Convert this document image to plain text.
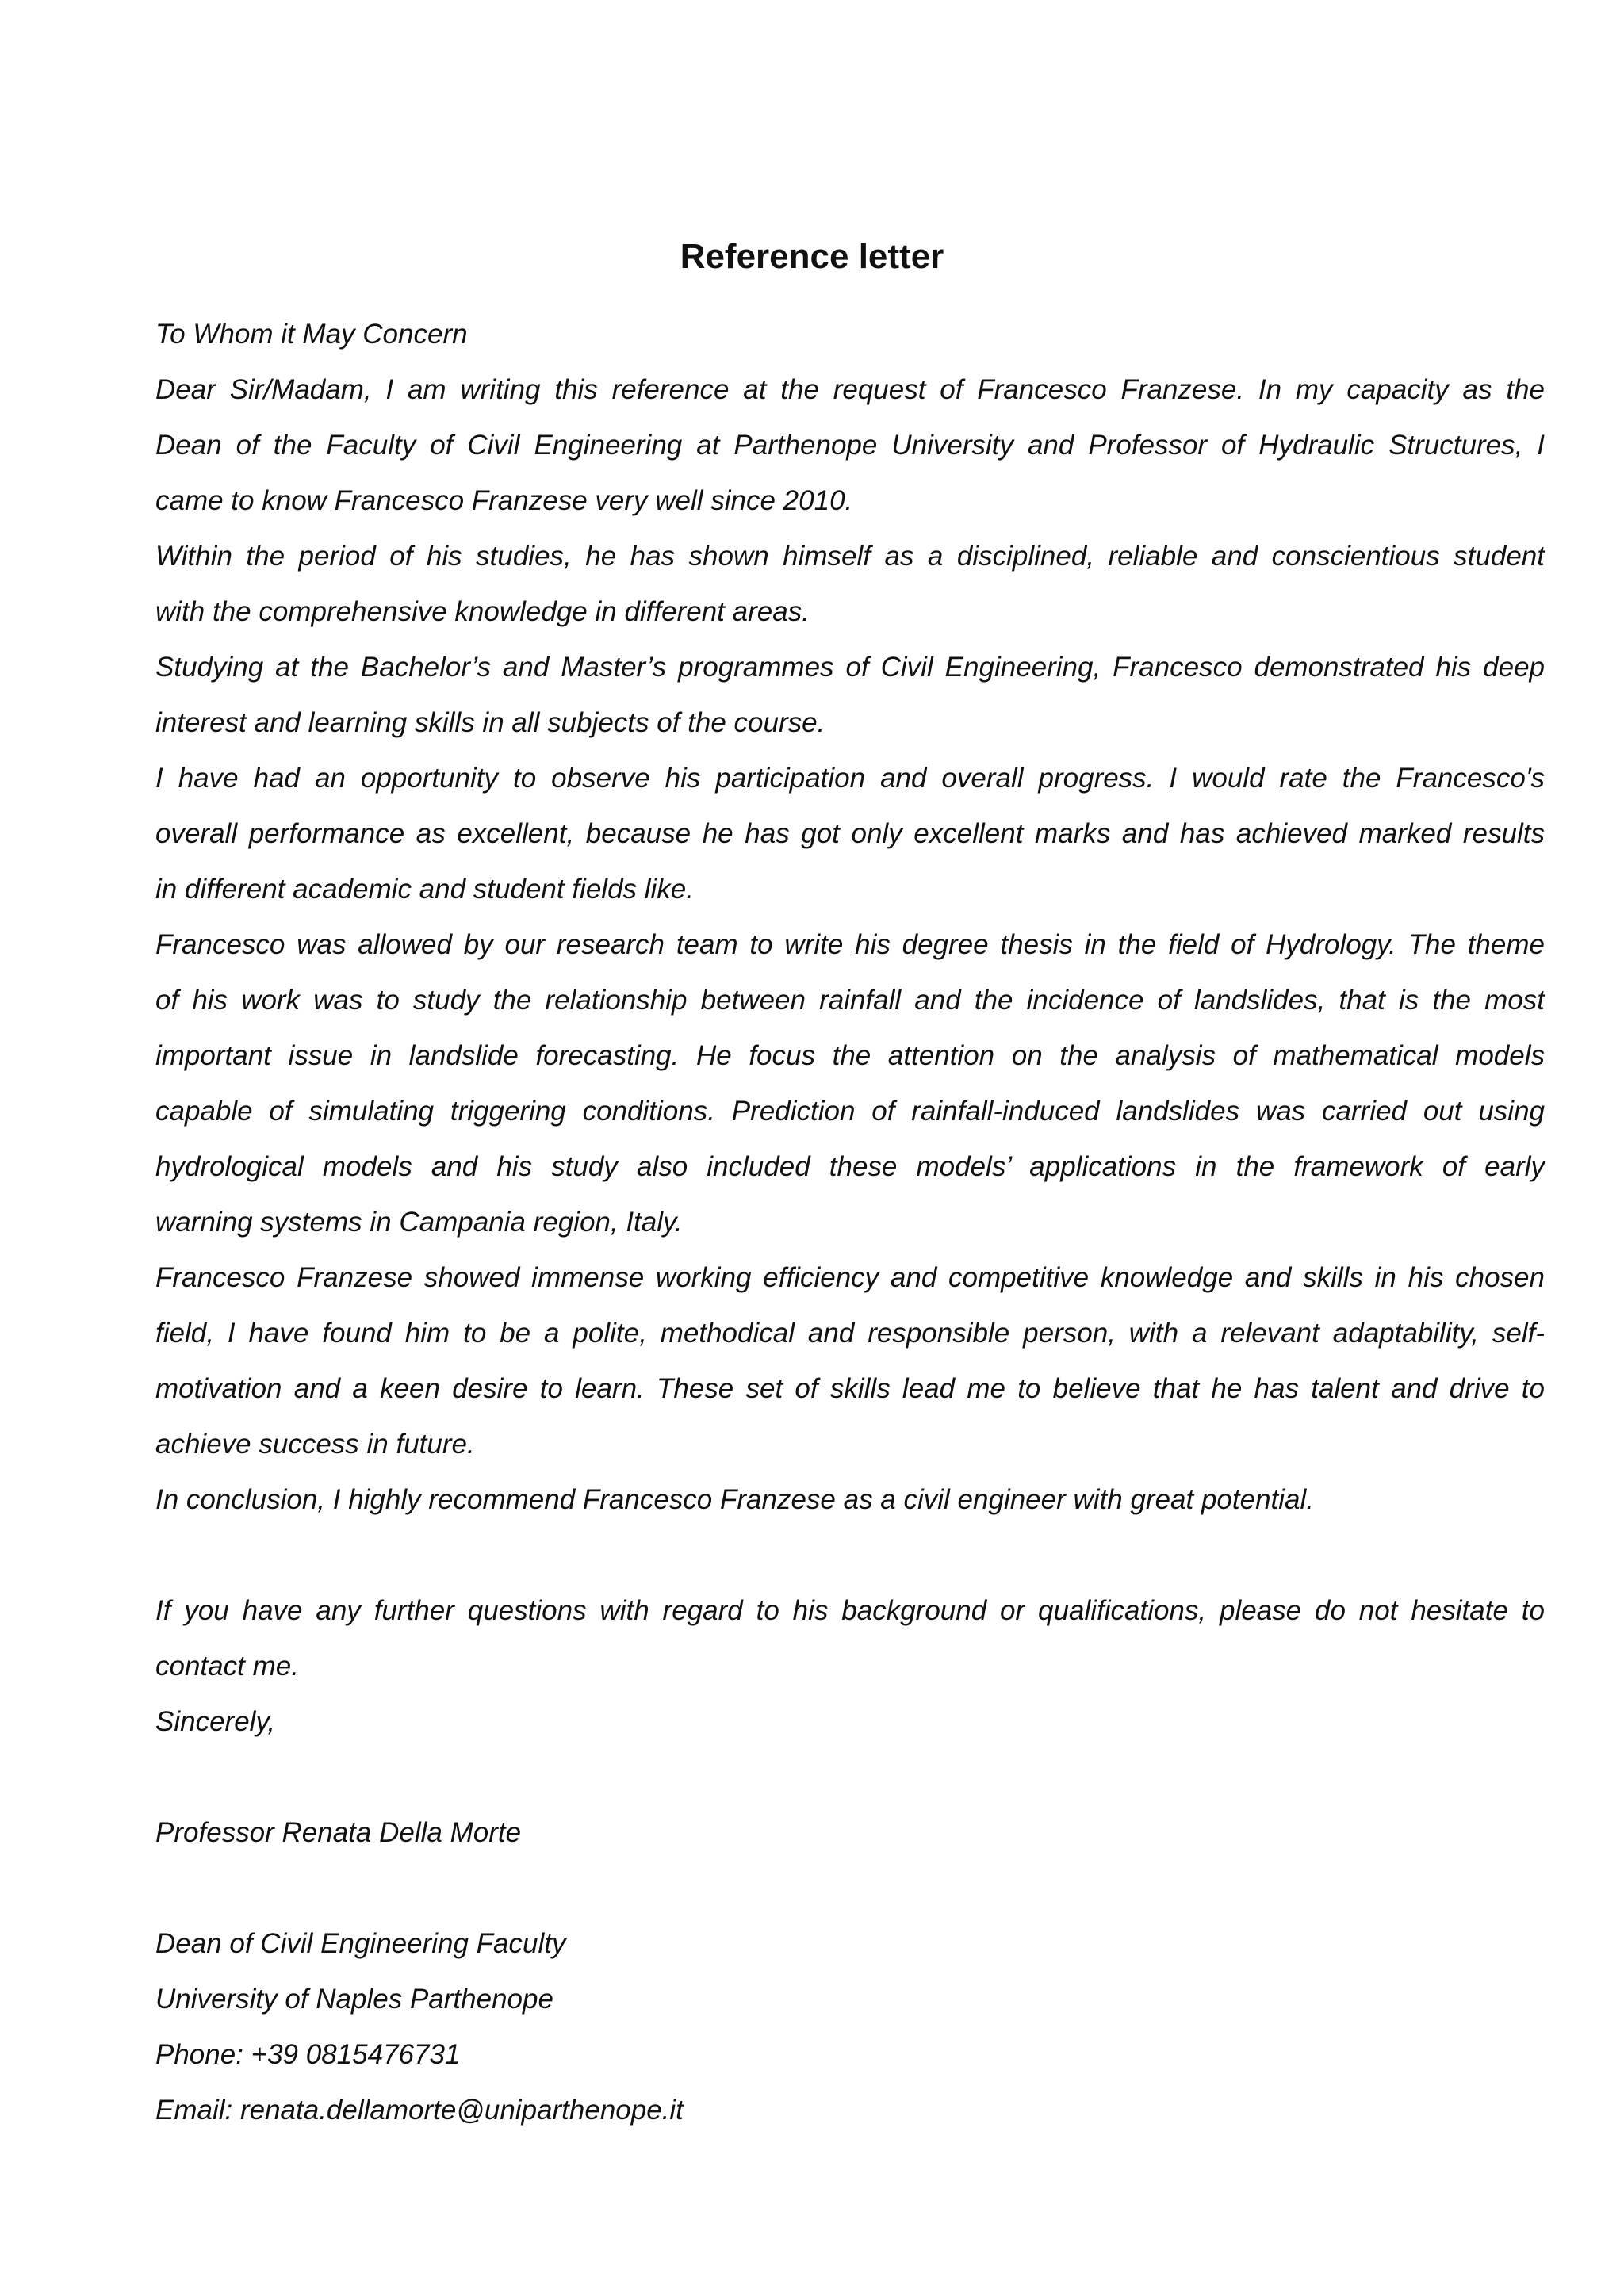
Reference letter
To Whom it May Concern
Dear Sir/Madam, I am writing this reference at the request of Francesco Franzese. In my capacity as the
Dean of the Faculty of Civil Engineering at Parthenope University and Professor of Hydraulic Structures, I
came to know Francesco Franzese very well since 2010.
Within the period of his studies, he has shown himself as a disciplined, reliable and conscientious student
with the comprehensive knowledge in different areas.
Studying at the Bachelor’s and Master’s programmes of Civil Engineering, Francesco demonstrated his deep
interest and learning skills in all subjects of the course.
I have had an opportunity to observe his participation and overall progress. I would rate the Francesco's
overall performance as excellent, because he has got only excellent marks and has achieved marked results
in different academic and student fields like.
Francesco was allowed by our research team to write his degree thesis in the field of Hydrology. The theme
of his work was to study the relationship between rainfall and the incidence of landslides, that is the most
important issue in landslide forecasting. He focus the attention on the analysis of mathematical models
capable of simulating triggering conditions. Prediction of rainfall-induced landslides was carried out using
hydrological models and his study also included these models’ applications in the framework of early
warning systems in Campania region, Italy.
Francesco Franzese showed immense working efficiency and competitive knowledge and skills in his chosen
field, I have found him to be a polite, methodical and responsible person, with a relevant adaptability, self-
motivation and a keen desire to learn. These set of skills lead me to believe that he has talent and drive to
achieve success in future.
In conclusion, I highly recommend Francesco Franzese as a civil engineer with great potential.
If you have any further questions with regard to his background or qualifications, please do not hesitate to
contact me.
Sincerely,
Professor Renata Della Morte
Dean of Civil Engineering Faculty
University of Naples Parthenope
Phone: +39 0815476731
Email: renata.dellamorte@uniparthenope.it
